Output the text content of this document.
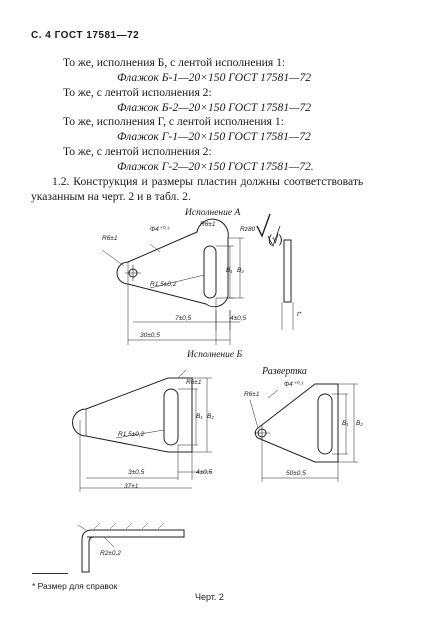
С. 4 ГОСТ 17581—72
То же, исполнения Б, с лентой исполнения 1:
Флажок Б-1—20×150 ГОСТ 17581—72
То же, с лентой исполнения 2:
Флажок Б-2—20×150 ГОСТ 17581—72
То же, исполнения Г, с лентой исполнения 1:
Флажок Г-1—20×150 ГОСТ 17581—72
То же, с лентой исполнения 2:
Флажок Г-2—20×150 ГОСТ 17581—72.
1.2. Конструкция и размеры пластин должны соответствовать
указанным на черт. 2 и в табл. 2.
Исполнение А
Исполнение Б
Развертка
Rz80
(√)
R6±1
Ф4⁺⁰·³
R6±1
R1,5±0,2
B₁ B₂
7±0,5	4±0,5
30±0,5
t*
R6±1
R1,5±0,2
B₁ B₂
3±0,5	4±0,5
37±1
R6±1
Ф4⁺⁰·³
B₁ B₂
50±0,5
R2±0,2
* Размер для справок
Черт. 2
